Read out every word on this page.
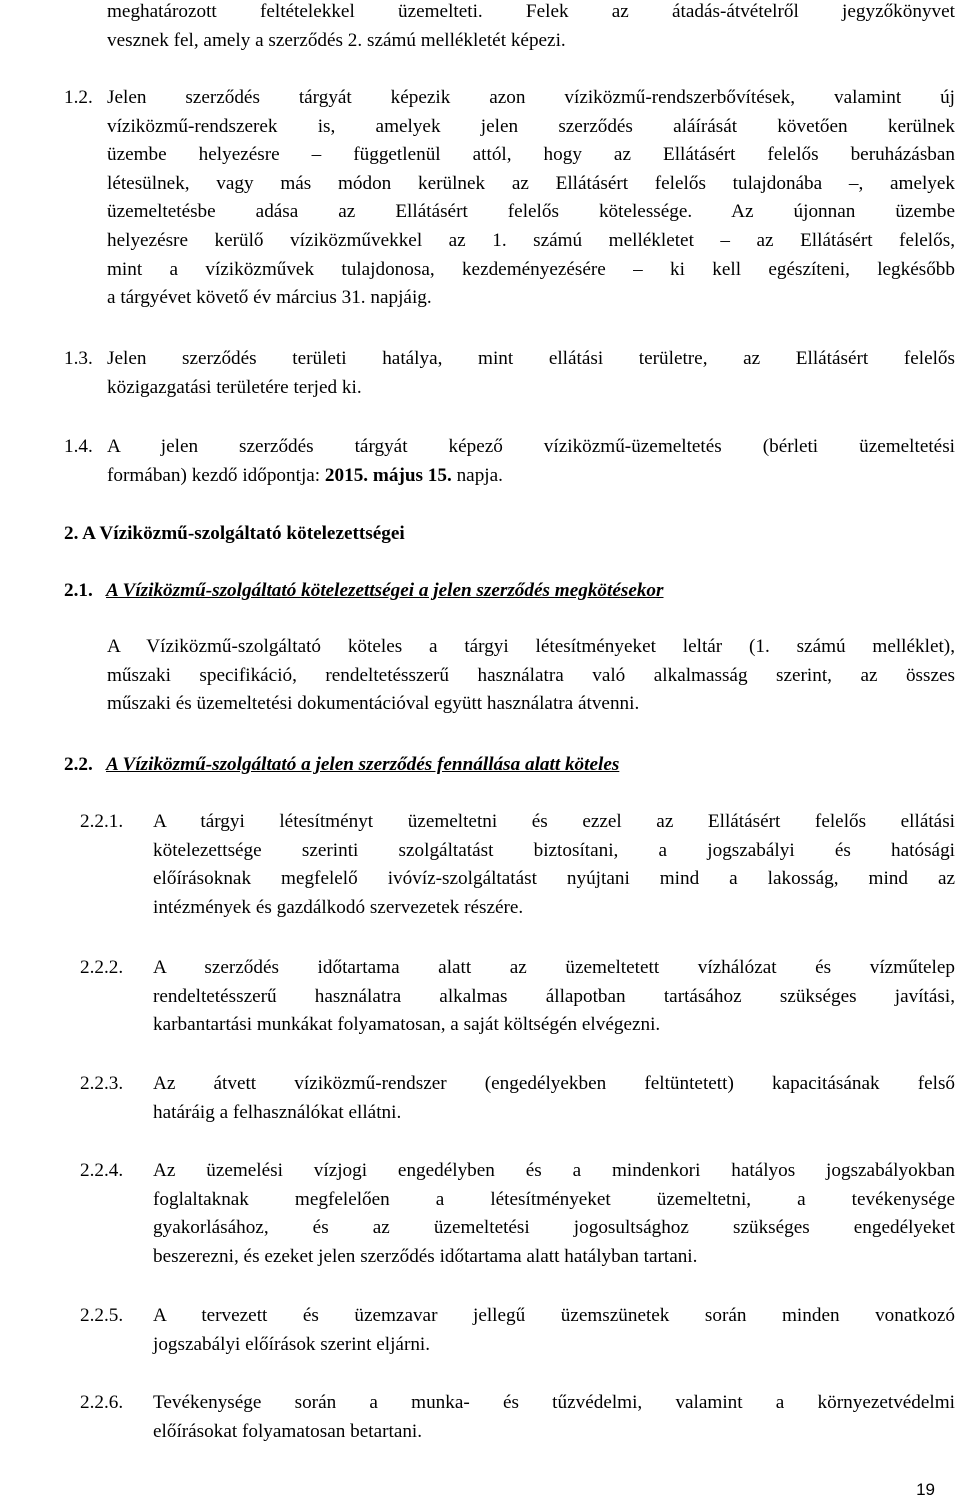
meghatározott feltételekkel üzemelteti. Felek az átadás-átvételről jegyzőkönyvet
vesznek fel, amely a szerződés 2. számú mellékletét képezi.
1.2. Jelen szerződés tárgyát képezik azon víziközmű-rendszerbővítések, valamint új
víziközmű-rendszerek is, amelyek jelen szerződés aláírását követően kerülnek
üzembe helyezésre – függetlenül attól, hogy az Ellátásért felelős beruházásban
létesülnek, vagy más módon kerülnek az Ellátásért felelős tulajdonába –, amelyek
üzemeltetésbe adása az Ellátásért felelős kötelessége. Az újonnan üzembe
helyezésre kerülő víziközművekkel az 1. számú mellékletet – az Ellátásért felelős,
mint a víziközművek tulajdonosa, kezdeményezésére – ki kell egészíteni, legkésőbb
a tárgyévet követő év március 31. napjáig.
1.3. Jelen szerződés területi hatálya, mint ellátási területre, az Ellátásért felelős
közigazgatási területére terjed ki.
1.4. A jelen szerződés tárgyát képező víziközmű-üzemeltetés (bérleti üzemeltetési
formában) kezdő időpontja: 2015. május 15. napja.
2. A Víziközmű-szolgáltató kötelezettségei
2.1. A Víziközmű-szolgáltató kötelezettségei a jelen szerződés megkötésekor
A Víziközmű-szolgáltató köteles a tárgyi létesítményeket leltár (1. számú melléklet),
műszaki specifikáció, rendeltetésszerű használatra való alkalmasság szerint, az összes
műszaki és üzemeltetési dokumentációval együtt használatra átvenni.
2.2. A Víziközmű-szolgáltató a jelen szerződés fennállása alatt köteles
2.2.1. A tárgyi létesítményt üzemeltetni és ezzel az Ellátásért felelős ellátási
kötelezettsége szerinti szolgáltatást biztosítani, a jogszabályi és hatósági
előírásoknak megfelelő ivóvíz-szolgáltatást nyújtani mind a lakosság, mind az
intézmények és gazdálkodó szervezetek részére.
2.2.2. A szerződés időtartama alatt az üzemeltetett vízhálózat és vízműtelep
rendeltetésszerű használatra alkalmas állapotban tartásához szükséges javítási,
karbantartási munkákat folyamatosan, a saját költségén elvégezni.
2.2.3. Az átvett víziközmű-rendszer (engedélyekben feltüntetett) kapacitásának felső
határáig a felhasználókat ellátni.
2.2.4. Az üzemelési vízjogi engedélyben és a mindenkori hatályos jogszabályokban
foglaltaknak megfelelően a létesítményeket üzemeltetni, a tevékenysége
gyakorlásához, és az üzemeltetési jogosultsághoz szükséges engedélyeket
beszerezni, és ezeket jelen szerződés időtartama alatt hatályban tartani.
2.2.5. A tervezett és üzemzavar jellegű üzemszünetek során minden vonatkozó
jogszabályi előírások szerint eljárni.
2.2.6. Tevékenysége során a munka- és tűzvédelmi, valamint a környezetvédelmi
előírásokat folyamatosan betartani.
19
